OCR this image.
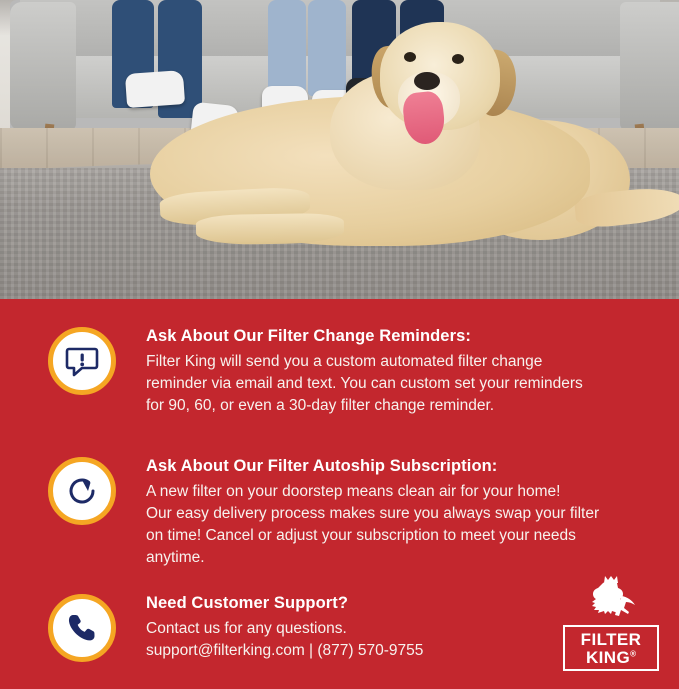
Ask About Our Filter Change Reminders:

Filter King will send you a custom automated filter change
reminder via email and text. You can custom set your reminders
for 90, 60, or even a 30-day filter change reminder.

Ask About Our Filter Autoship Subscription:

A new filter on your doorstep means clean air for your home!
Our easy delivery process makes sure you always swap your filter
on time! Cancel or adjust your subscription to meet your needs
anytime.

Need Customer Support?

Contact us for any questions.
support@filterking.com | (877) 570-9755

FILTER
KING®
